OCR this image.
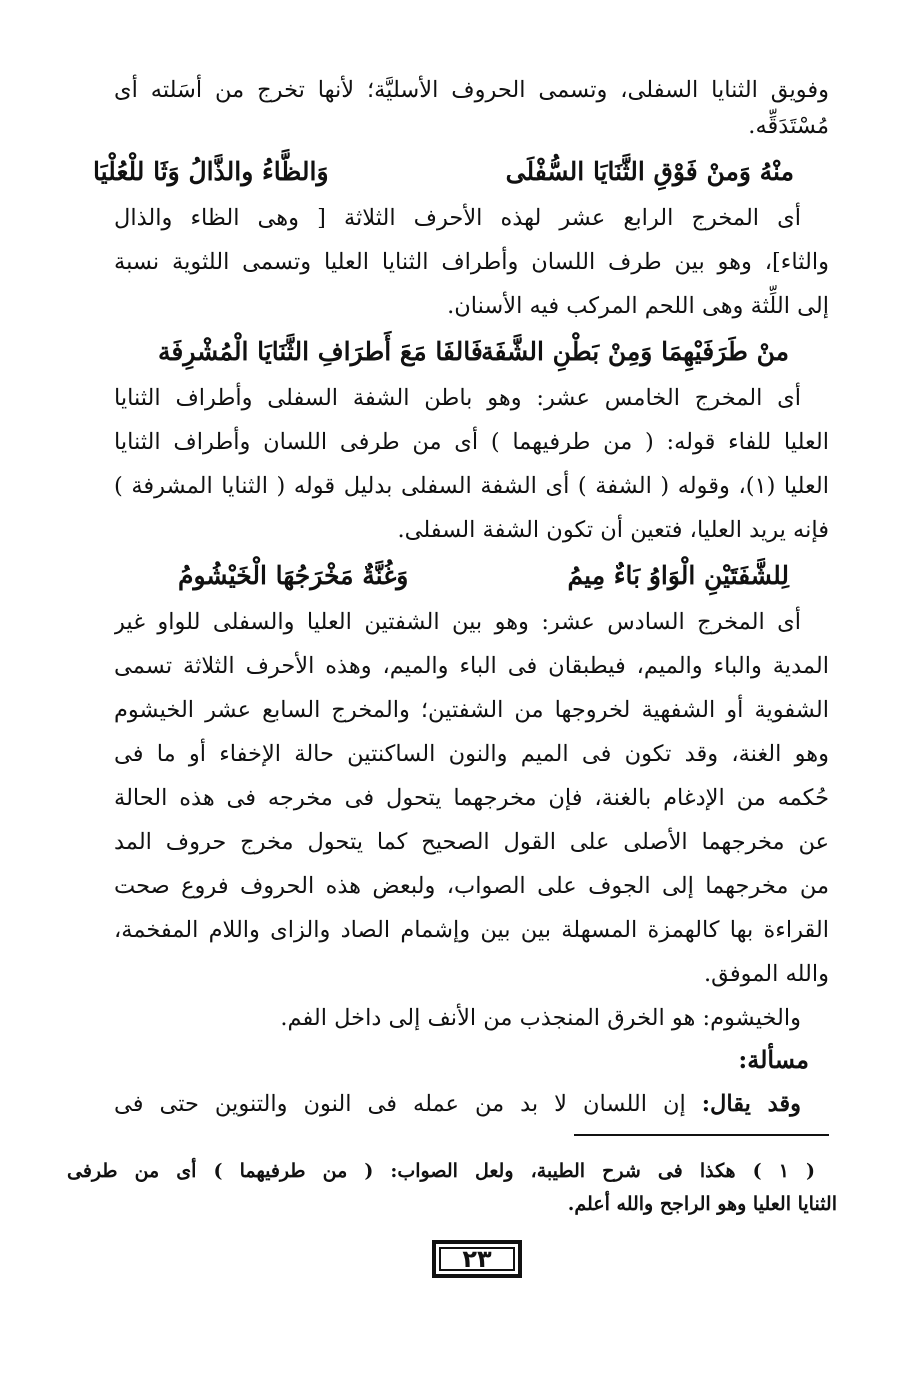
وفويق الثنايا السفلى، وتسمى الحروف الأسليَّة؛ لأنها تخرج من أسَلته أى
مُسْتَدَقِّه.
منْهُ وَمنْ فَوْقِ الثَّنَايَا السُّفْلَى
وَالظَّاءُ والذَّالُ وَثَا للْعُلْيَا
أى المخرج الرابع عشر لهذه الأحرف الثلاثة [ وهى الظاء والذال
والثاء]، وهو بين طرف اللسان وأطراف الثنايا العليا وتسمى اللثوية نسبة
إلى اللِّثة وهى اللحم المركب فيه الأسنان.
منْ طَرَفَيْهِمَا وَمِنْ بَطْنِ الشَّفَة
فَالفَا مَعَ أَطرَافِ الثَّنَايَا الْمُشْرِفَة
أى المخرج الخامس عشر: وهو باطن الشفة السفلى وأطراف الثنايا
العليا للفاء قوله: ( من طرفيهما ) أى من طرفى اللسان وأطراف الثنايا
العليا (١)، وقوله ( الشفة ) أى الشفة السفلى بدليل قوله ( الثنايا المشرفة )
فإنه يريد العليا، فتعين أن تكون الشفة السفلى.
لِلشَّفَتَيْنِ الْوَاوُ بَاءٌ مِيمُ
وَغُنَّةٌ مَخْرَجُهَا الْخَيْشُومُ
أى المخرج السادس عشر: وهو بين الشفتين العليا والسفلى للواو غير
المدية والباء والميم، فيطبقان فى الباء والميم، وهذه الأحرف الثلاثة تسمى
الشفوية أو الشفهية لخروجها من الشفتين؛ والمخرج السابع عشر الخيشوم
وهو الغنة، وقد تكون فى الميم والنون الساكنتين حالة الإخفاء أو ما فى
حُكمه من الإدغام بالغنة، فإن مخرجهما يتحول فى مخرجه فى هذه الحالة
عن مخرجهما الأصلى على القول الصحيح كما يتحول مخرج حروف المد
من مخرجهما إلى الجوف على الصواب، ولبعض هذه الحروف فروع صحت
القراءة بها كالهمزة المسهلة بين بين وإشمام الصاد والزاى واللام المفخمة،
والله الموفق.
والخيشوم: هو الخرق المنجذب من الأنف إلى داخل الفم.
مسألة:
وقد يقال: إن اللسان لا بد من عمله فى النون والتنوين حتى فى
( ١ ) هكذا فى شرح الطيبة، ولعل الصواب: ( من طرفيهما ) أى من طرفى
الثنايا العليا وهو الراجح والله أعلم.
٢٣
